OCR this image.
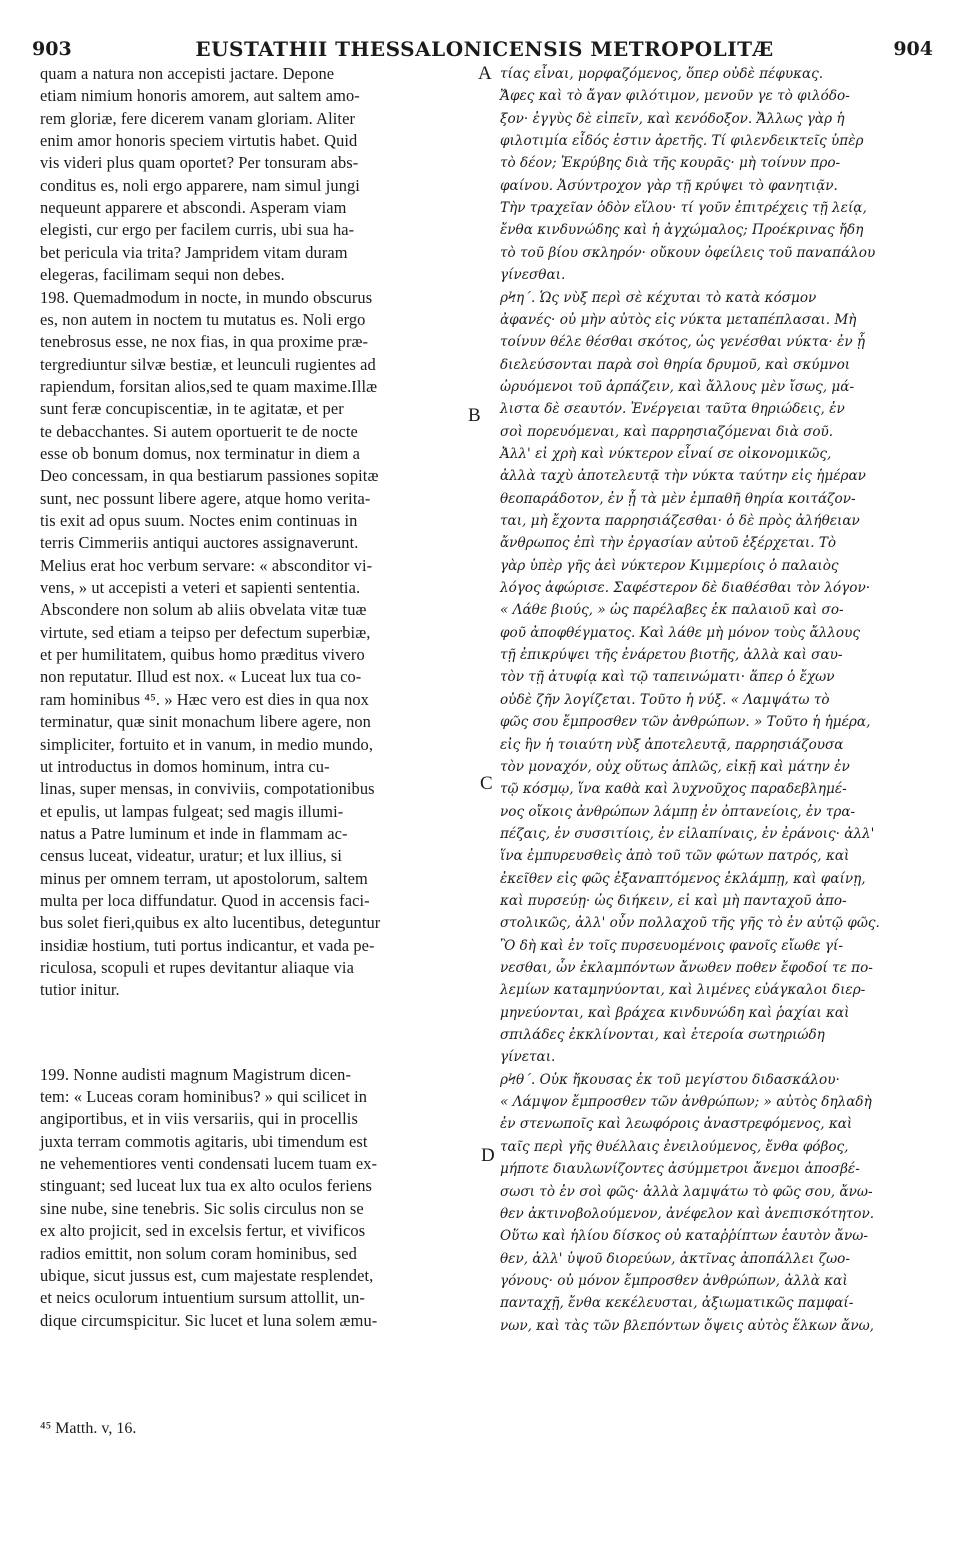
903	EUSTATHII THESSALONICENSIS METROPOLITÆ	904
quam a natura non accepisti jactare. Depone
etiam nimium honoris amorem, aut saltem amo-
rem gloriæ, fere dicerem vanam gloriam. Aliter
enim amor honoris speciem virtutis habet. Quid
vis videri plus quam oportet? Per tonsuram abs-
conditus es, noli ergo apparere, nam simul jungi
nequeunt apparere et abscondi. Asperam viam
elegisti, cur ergo per facilem curris, ubi sua ha-
bet pericula via trita? Jampridem vitam duram
elegeras, facilimam sequi non debes.
198. Quemadmodum in nocte, in mundo obscurus
es, non autem in noctem tu mutatus es. Noli ergo
tenebrosus esse, ne nox fias, in qua proxime præ-
tergrediuntur silvæ bestiæ, et leunculi rugientes ad
rapiendum, forsitan alios,sed te quam maxime.Illæ
sunt feræ concupiscentiæ, in te agitatæ, et per
te debacchantes. Si autem oportuerit te de nocte
esse ob bonum domus, nox terminatur in diem a
Deo concessam, in qua bestiarum passiones sopitæ
sunt, nec possunt libere agere, atque homo verita-
tis exit ad opus suum. Noctes enim continuas in
terris Cimmeriis antiqui auctores assignaverunt.
Melius erat hoc verbum servare: « absconditor vi-
vens, » ut accepisti a veteri et sapienti sententia.
Abscondere non solum ab aliis obvelata vitæ tuæ
virtute, sed etiam a teipso per defectum superbiæ,
et per humilitatem, quibus homo præditus vivero
non reputatur. Illud est nox. « Luceat lux tua co-
ram hominibus ⁴⁵. » Hæc vero est dies in qua nox
terminatur, quæ sinit monachum libere agere, non
simpliciter, fortuito et in vanum, in medio mundo,
ut introductus in domos hominum, intra cu-
linas, super mensas, in conviviis, compotationibus
et epulis, ut lampas fulgeat; sed magis illumi-
natus a Patre luminum et inde in flammam ac-
census luceat, videatur, uratur; et lux illius, si
minus per omnem terram, ut apostolorum, saltem
multa per loca diffundatur. Quod in accensis faci-
bus solet fieri,quibus ex alto lucentibus, deteguntur
insidiæ hostium, tuti portus indicantur, et vada pe-
riculosa, scopuli et rupes devitantur aliaque via
tutior initur.
199. Nonne audisti magnum Magistrum dicen-
tem: « Luceas coram hominibus? » qui scilicet in
angiportibus, et in viis versariis, qui in procellis
juxta terram commotis agitaris, ubi timendum est
ne vehementiores venti condensati lucem tuam ex-
stinguant; sed luceat lux tua ex alto oculos feriens
sine nube, sine tenebris. Sic solis circulus non se
ex alto projicit, sed in excelsis fertur, et vivificos
radios emittit, non solum coram hominibus, sed
ubique, sicut jussus est, cum majestate resplendet,
et neics oculorum intuentium sursum attollit, un-
dique circumspicitur. Sic lucet et luna solem æmu-
τίας εἶναι, μορφαζόμενος, ὅπερ οὐδὲ πέφυκας.
Ἄφες καὶ τὸ ἄγαν φιλότιμον, μενοῦν γε τὸ φιλόδο-
ξον· ἐγγὺς δὲ εἰπεῖν, καὶ κενόδοξον. Ἄλλως γὰρ ἡ
φιλοτιμία εἶδός ἐστιν ἀρετῆς. Τί φιλενδεικτεῖς ὑπὲρ
τὸ δέον; Ἐκρύβης διὰ τῆς κουρᾶς· μὴ τοίνυν προ-
φαίνου. Ἀσύντροχον γὰρ τῇ κρύψει τὸ φανητιᾷν.
Τὴν τραχεῖαν ὁδὸν εἵλου· τί γοῦν ἐπιτρέχεις τῇ λείᾳ,
ἔνθα κινδυνώδης καὶ ἡ ἀγχώμαλος; Προέκρινας ἤδη
τὸ τοῦ βίου σκληρόν· οὔκουν ὀφείλεις τοῦ παναπάλου
γίνεσθαι.
ρϞη΄. Ὡς νὺξ περὶ σὲ κέχυται τὸ κατὰ κόσμον
ἀφανές· οὐ μὴν αὐτὸς εἰς νύκτα μεταπέπλασαι. Μὴ
τοίνυν θέλε θέσθαι σκότος, ὡς γενέσθαι νύκτα· ἐν ᾗ
διελεύσονται παρὰ σοὶ θηρία δρυμοῦ, καὶ σκύμνοι
ὠρυόμενοι τοῦ ἁρπάζειν, καὶ ἄλλους μὲν ἴσως, μά-
λιστα δὲ σεαυτόν. Ἐνέργειαι ταῦτα θηριώδεις, ἐν
σοὶ πορευόμεναι, καὶ παρρησιαζόμεναι διὰ σοῦ.
Ἀλλ' εἰ χρὴ καὶ νύκτερον εἶναί σε οἰκονομικῶς,
ἀλλὰ ταχὺ ἀποτελευτᾷ τὴν νύκτα ταύτην εἰς ἡμέραν
θεοπαράδοτον, ἐν ᾗ τὰ μὲν ἐμπαθῆ θηρία κοιτάζον-
ται, μὴ ἔχοντα παρρησιάζεσθαι· ὁ δὲ πρὸς ἀλήθειαν
ἄνθρωπος ἐπὶ τὴν ἐργασίαν αὐτοῦ ἐξέρχεται. Τὸ
γὰρ ὑπὲρ γῆς ἀεὶ νύκτερον Κιμμερίοις ὁ παλαιὸς
λόγος ἀφώρισε. Σαφέστερον δὲ διαθέσθαι τὸν λόγον·
« Λάθε βιούς, » ὡς παρέλαβες ἐκ παλαιοῦ καὶ σο-
φοῦ ἀποφθέγματος. Καὶ λάθε μὴ μόνον τοὺς ἄλλους
τῇ ἐπικρύψει τῆς ἐνάρετου βιοτῆς, ἀλλὰ καὶ σαυ-
τὸν τῇ ἀτυφίᾳ καὶ τῷ ταπεινώματι· ἅπερ ὁ ἔχων
οὐδὲ ζῆν λογίζεται. Τοῦτο ἡ νύξ. « Λαμψάτω τὸ
φῶς σου ἔμπροσθεν τῶν ἀνθρώπων. » Τοῦτο ἡ ἡμέρα,
εἰς ἣν ἡ τοιαύτη νὺξ ἀποτελευτᾷ, παρρησιάζουσα
τὸν μοναχόν, οὐχ οὕτως ἁπλῶς, εἰκῇ καὶ μάτην ἐν
τῷ κόσμῳ, ἵνα καθὰ καὶ λυχνοῦχος παραδεβλημέ-
νος οἴκοις ἀνθρώπων λάμπῃ ἐν ὀπτανείοις, ἐν τρα-
πέζαις, ἐν συσσιτίοις, ἐν εἰλαπίναις, ἐν ἐράνοις· ἀλλ'
ἵνα ἐμπυρευσθεὶς ἀπὸ τοῦ τῶν φώτων πατρός, καὶ
ἐκεῖθεν εἰς φῶς ἐξαναπτόμενος ἐκλάμπῃ, καὶ φαίνῃ,
καὶ πυρσεύῃ· ὡς διήκειν, εἰ καὶ μὴ πανταχοῦ ἀπο-
στολικῶς, ἀλλ' οὖν πολλαχοῦ τῆς γῆς τὸ ἐν αὐτῷ φῶς.
Ὃ δὴ καὶ ἐν τοῖς πυρσευομένοις φανοῖς εἴωθε γί-
νεσθαι, ὧν ἐκλαμπόντων ἄνωθεν ποθεν ἔφοδοί τε πο-
λεμίων καταμηνύονται, καὶ λιμένες εὐάγκαλοι διερ-
μηνεύονται, καὶ βράχεα κινδυνώδη καὶ ῥαχίαι καὶ
σπιλάδες ἐκκλίνονται, καὶ ἑτεροία σωτηριώδη
γίνεται.
ρϞθ΄. Οὐκ ἤκουσας ἐκ τοῦ μεγίστου διδασκάλου·
« Λάμψον ἔμπροσθεν τῶν ἀνθρώπων; » αὐτὸς δηλαδὴ
ἐν στενωποῖς καὶ λεωφόροις ἀναστρεφόμενος, καὶ
ταῖς περὶ γῆς θυέλλαις ἐνειλούμενος, ἔνθα φόβος,
μήποτε διαυλωνίζοντες ἀσύμμετροι ἄνεμοι ἀποσβέ-
σωσι τὸ ἐν σοὶ φῶς· ἀλλὰ λαμψάτω τὸ φῶς σου, ἄνω-
θεν ἀκτινοβολούμενον, ἀνέφελον καὶ ἀνεπισκότητον.
Οὕτω καὶ ἡλίου δίσκος οὐ καταῤῥίπτων ἑαυτὸν ἄνω-
θεν, ἀλλ' ὑψοῦ διορεύων, ἀκτῖνας ἀποπάλλει ζωο-
γόνους· οὐ μόνον ἔμπροσθεν ἀνθρώπων, ἀλλὰ καὶ
πανταχῇ, ἔνθα κεκέλευσται, ἀξιωματικῶς παμφαί-
νων, καὶ τὰς τῶν βλεπόντων ὄψεις αὐτὸς ἕλκων ἄνω,
A
B
C
D
⁴⁵ Matth. v, 16.
